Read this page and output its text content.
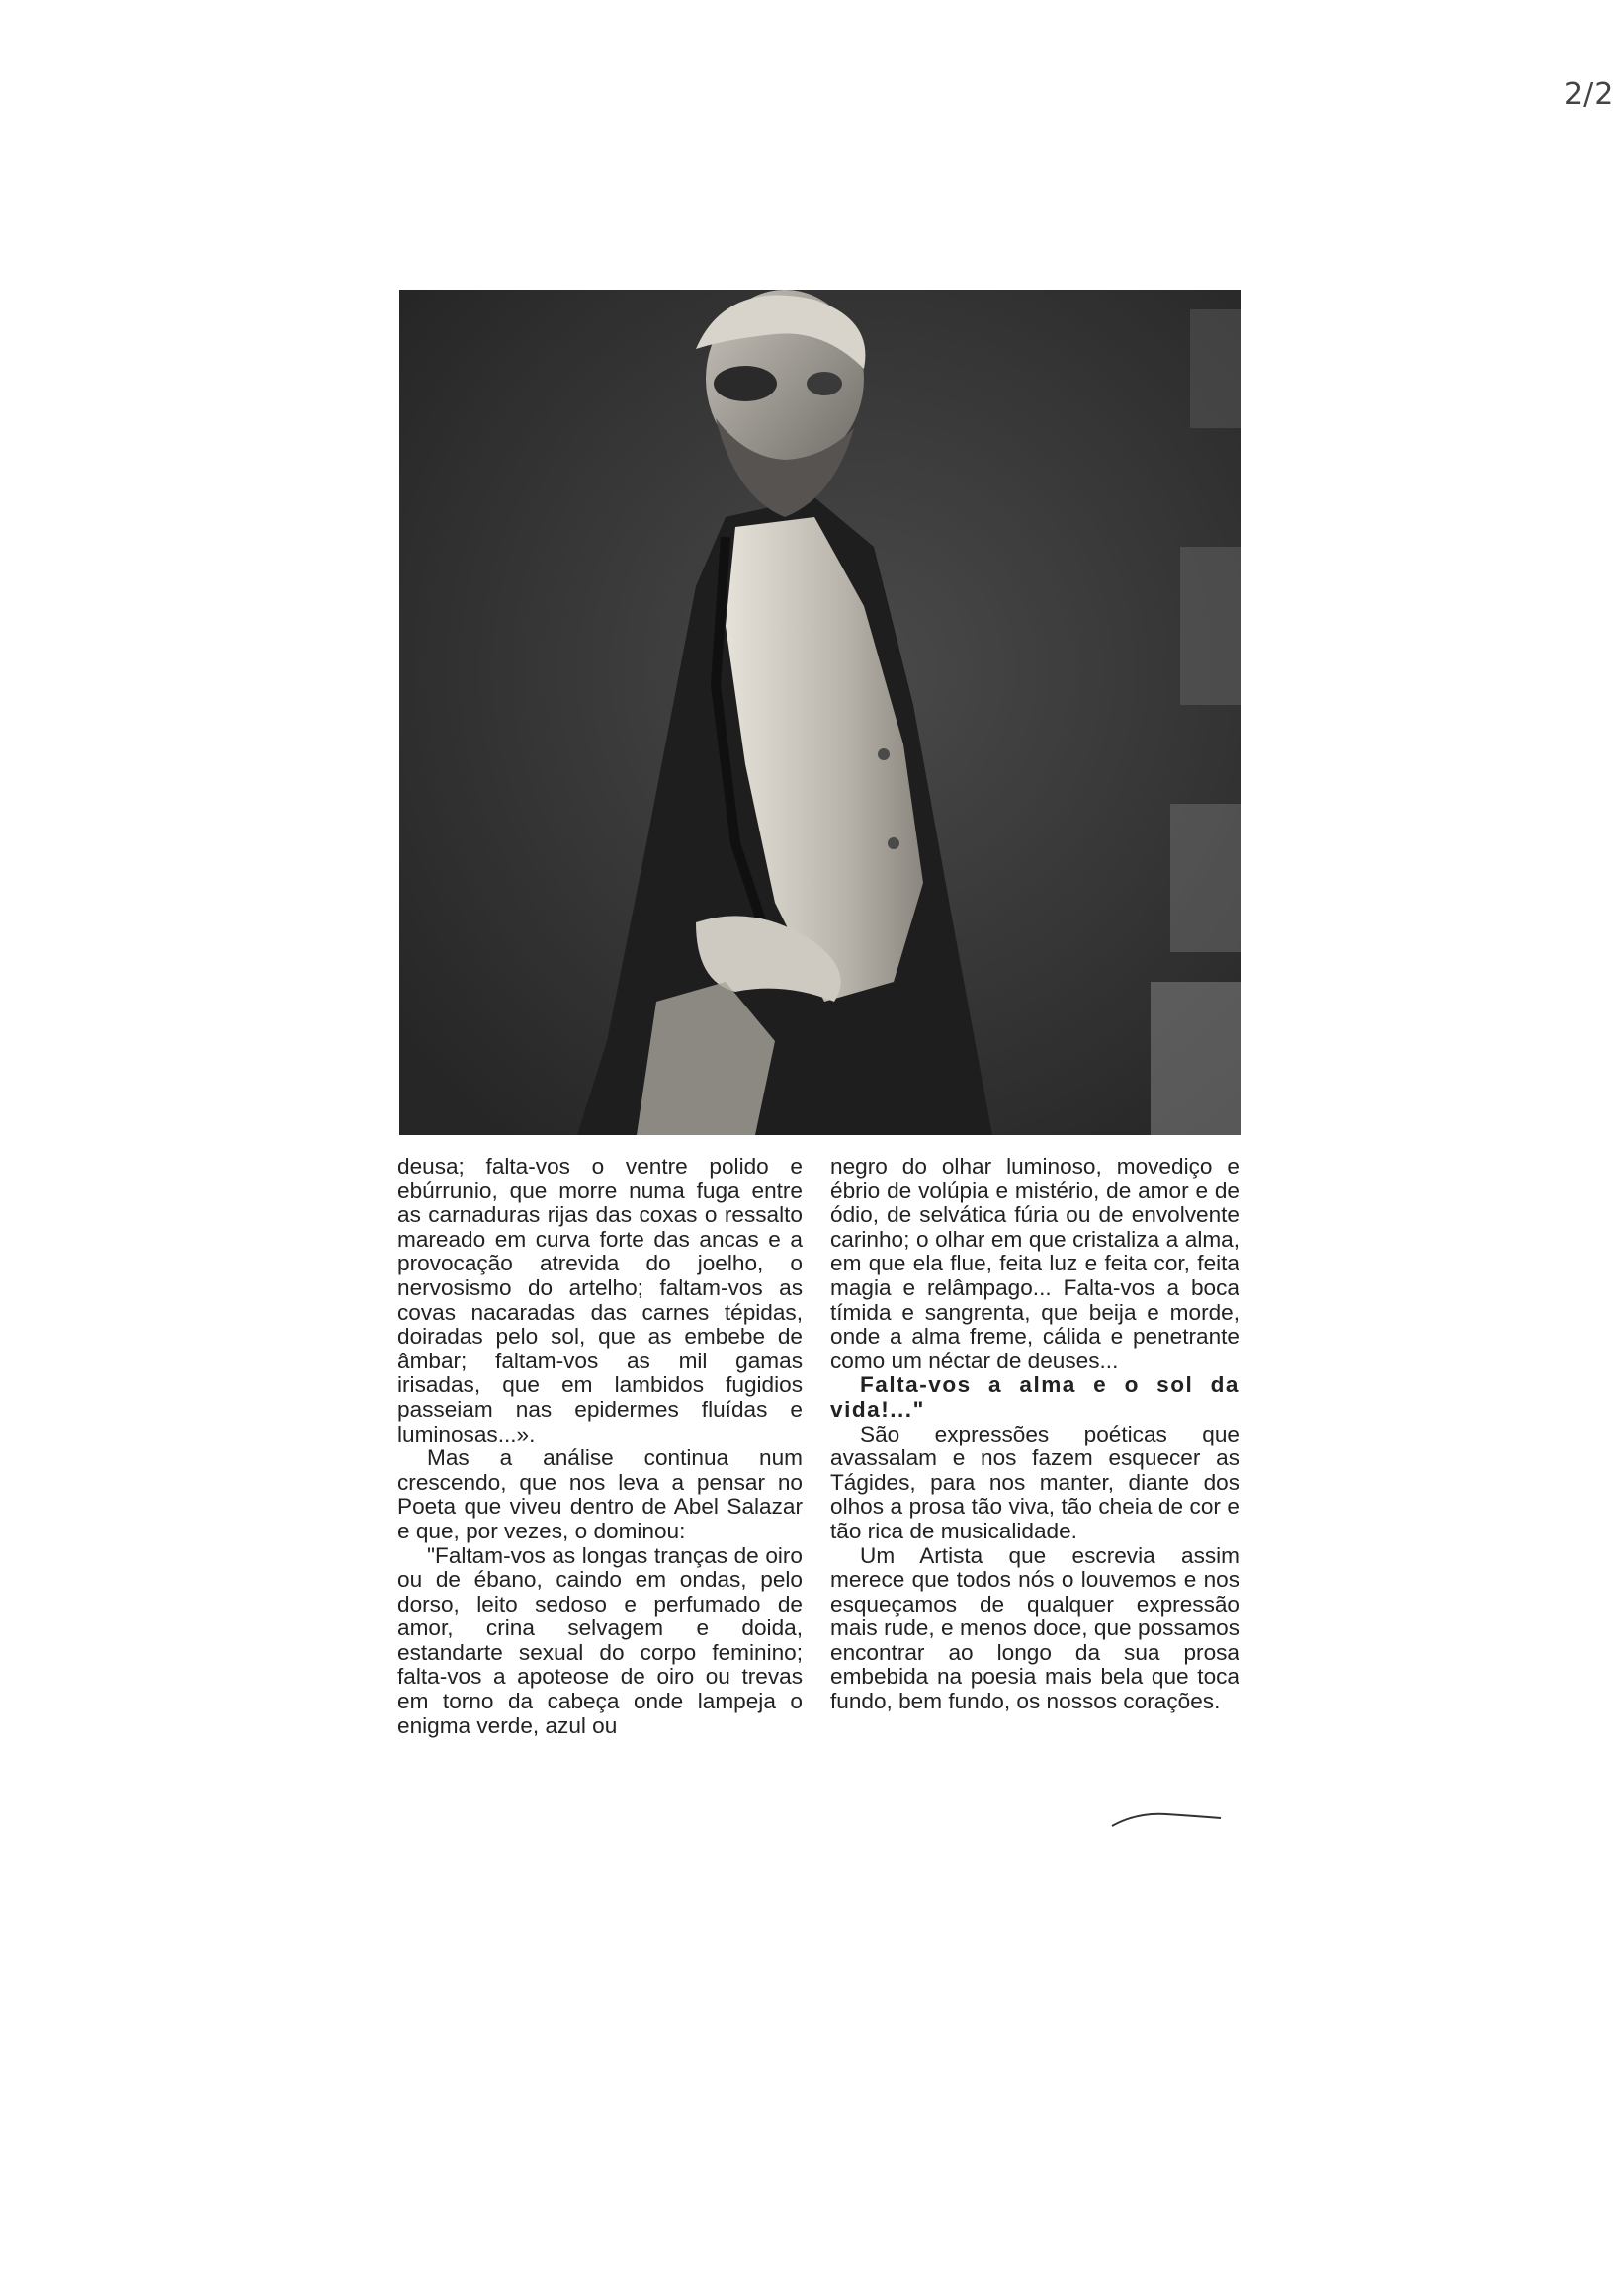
2/2

deusa; falta-vos o ventre polido e ebúrrunio, que morre numa fuga entre as carnaduras rijas das coxas o ressalto mareado em curva forte das ancas e a provocação atrevida do joelho, o nervosismo do artelho; faltam-vos as covas nacaradas das carnes tépidas, doiradas pelo sol, que as embebe de âmbar; faltam-vos as mil gamas irisadas, que em lambidos fugidios passeiam nas epidermes fluídas e luminosas...».

Mas a análise continua num crescendo, que nos leva a pensar no Poeta que viveu dentro de Abel Salazar e que, por vezes, o dominou:

"Faltam-vos as longas tranças de oiro ou de ébano, caindo em ondas, pelo dorso, leito sedoso e perfumado de amor, crina selvagem e doida, estandarte sexual do corpo feminino; falta-vos a apoteose de oiro ou trevas em torno da cabeça onde lampeja o enigma verde, azul ou

negro do olhar luminoso, movediço e ébrio de volúpia e mistério, de amor e de ódio, de selvática fúria ou de envolvente carinho; o olhar em que cristaliza a alma, em que ela flue, feita luz e feita cor, feita magia e relâmpago... Falta-vos a boca tímida e sangrenta, que beija e morde, onde a alma freme, cálida e penetrante como um néctar de deuses...

Falta-vos a alma e o sol da vida!..."

São expressões poéticas que avassalam e nos fazem esquecer as Tágides, para nos manter, diante dos olhos a prosa tão viva, tão cheia de cor e tão rica de musicalidade.

Um Artista que escrevia assim merece que todos nós o louvemos e nos esqueçamos de qualquer expressão mais rude, e menos doce, que possamos encontrar ao longo da sua prosa embebida na poesia mais bela que toca fundo, bem fundo, os nossos corações.
